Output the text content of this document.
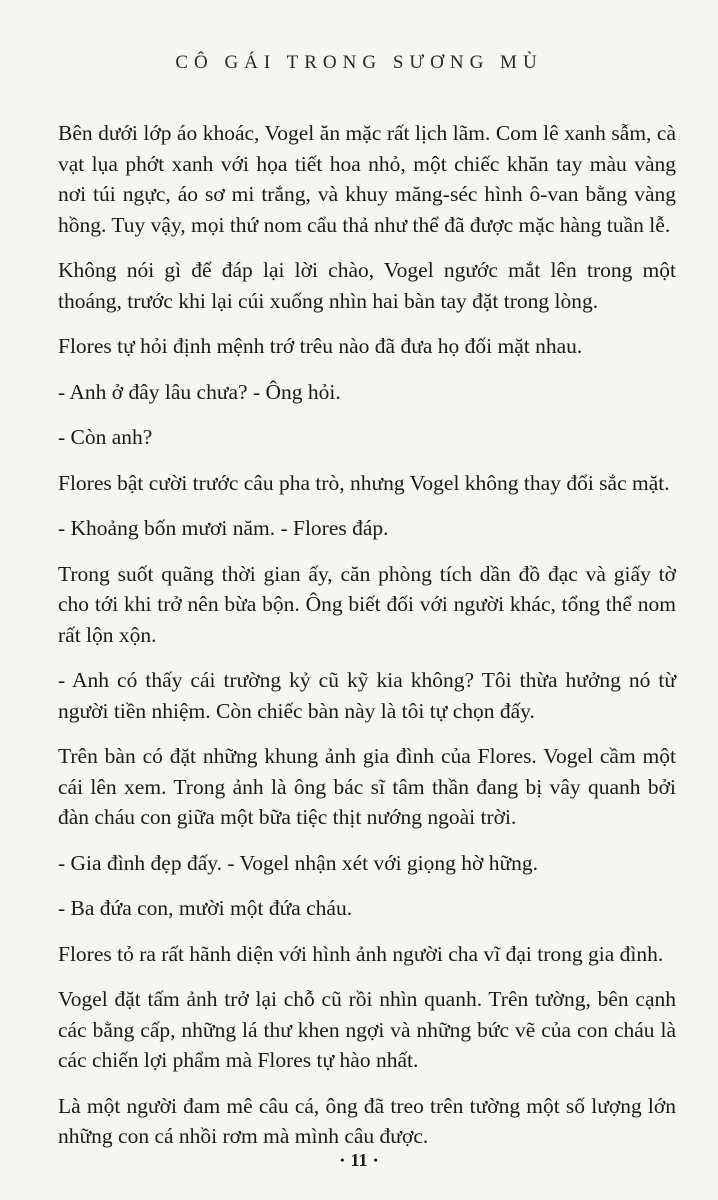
CÔ GÁI TRONG SƯƠNG MÙ

Bên dưới lớp áo khoác, Vogel ăn mặc rất lịch lãm. Com lê xanh sẫm, cà vạt lụa phớt xanh với họa tiết hoa nhỏ, một chiếc khăn tay màu vàng nơi túi ngực, áo sơ mi trắng, và khuy măng-séc hình ô-van bằng vàng hồng. Tuy vậy, mọi thứ nom cẩu thả như thể đã được mặc hàng tuần lễ.

Không nói gì để đáp lại lời chào, Vogel ngước mắt lên trong một thoáng, trước khi lại cúi xuống nhìn hai bàn tay đặt trong lòng.

Flores tự hỏi định mệnh trớ trêu nào đã đưa họ đối mặt nhau.

- Anh ở đây lâu chưa? - Ông hỏi.

- Còn anh?

Flores bật cười trước câu pha trò, nhưng Vogel không thay đổi sắc mặt.

- Khoảng bốn mươi năm. - Flores đáp.

Trong suốt quãng thời gian ấy, căn phòng tích dần đồ đạc và giấy tờ cho tới khi trở nên bừa bộn. Ông biết đối với người khác, tổng thể nom rất lộn xộn.

- Anh có thấy cái trường kỷ cũ kỹ kia không? Tôi thừa hưởng nó từ người tiền nhiệm. Còn chiếc bàn này là tôi tự chọn đấy.

Trên bàn có đặt những khung ảnh gia đình của Flores. Vogel cầm một cái lên xem. Trong ảnh là ông bác sĩ tâm thần đang bị vây quanh bởi đàn cháu con giữa một bữa tiệc thịt nướng ngoài trời.

- Gia đình đẹp đấy. - Vogel nhận xét với giọng hờ hững.

- Ba đứa con, mười một đứa cháu.

Flores tỏ ra rất hãnh diện với hình ảnh người cha vĩ đại trong gia đình.

Vogel đặt tấm ảnh trở lại chỗ cũ rồi nhìn quanh. Trên tường, bên cạnh các bằng cấp, những lá thư khen ngợi và những bức vẽ của con cháu là các chiến lợi phẩm mà Flores tự hào nhất.

Là một người đam mê câu cá, ông đã treo trên tường một số lượng lớn những con cá nhồi rơm mà mình câu được.

• 11 •
